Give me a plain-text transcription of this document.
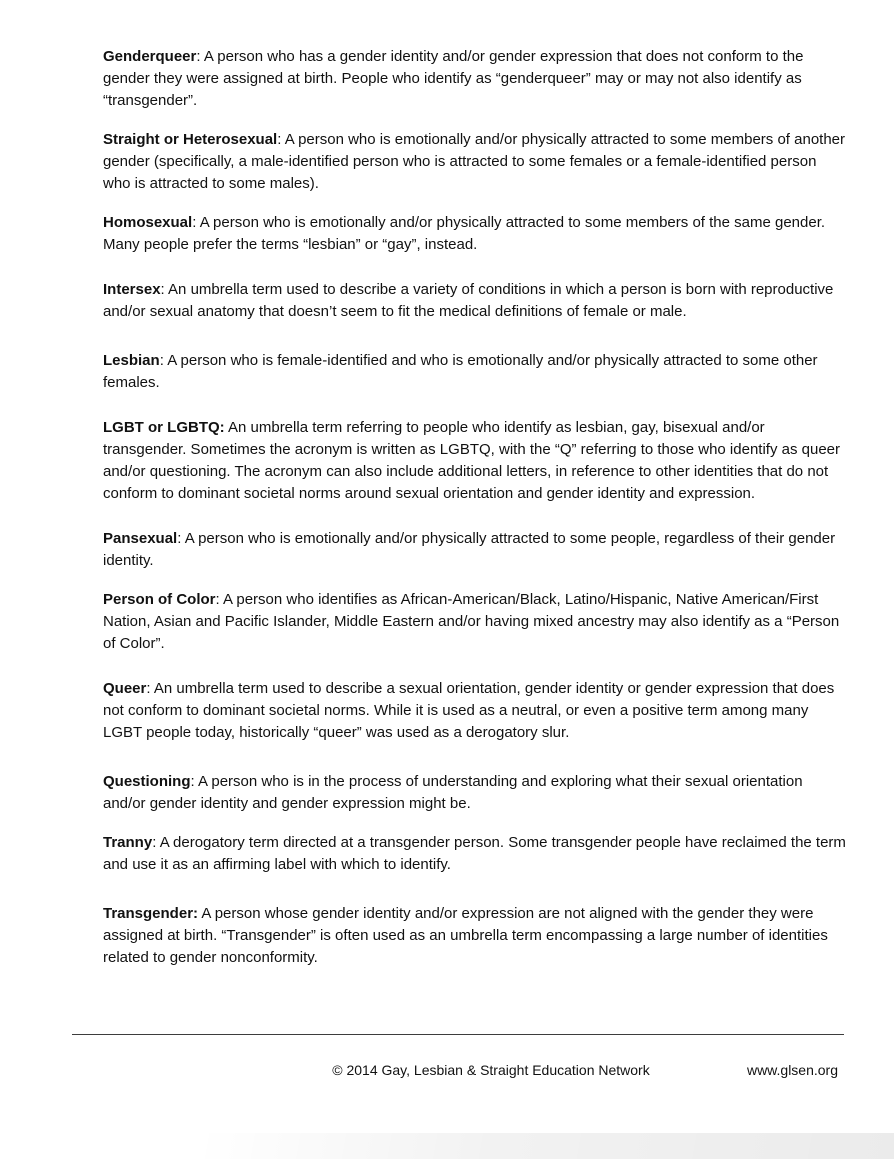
Genderqueer: A person who has a gender identity and/or gender expression that does not conform to the gender they were assigned at birth. People who identify as “genderqueer” may or may not also identify as “transgender”.

Straight or Heterosexual: A person who is emotionally and/or physically attracted to some members of another gender (specifically, a male-identified person who is attracted to some females or a female-identified person who is attracted to some males).

Homosexual: A person who is emotionally and/or physically attracted to some members of the same gender. Many people prefer the terms “lesbian” or “gay”, instead.

Intersex: An umbrella term used to describe a variety of conditions in which a person is born with reproductive and/or sexual anatomy that doesn’t seem to fit the medical definitions of female or male.

Lesbian: A person who is female-identified and who is emotionally and/or physically attracted to some other females.

LGBT or LGBTQ: An umbrella term referring to people who identify as lesbian, gay, bisexual and/or transgender. Sometimes the acronym is written as LGBTQ, with the “Q” referring to those who identify as queer and/or questioning. The acronym can also include additional letters, in reference to other identities that do not conform to dominant societal norms around sexual orientation and gender identity and expression.

Pansexual: A person who is emotionally and/or physically attracted to some people, regardless of their gender identity.

Person of Color: A person who identifies as African-American/Black, Latino/Hispanic, Native American/First Nation, Asian and Pacific Islander, Middle Eastern and/or having mixed ancestry may also identify as a “Person of Color”.

Queer: An umbrella term used to describe a sexual orientation, gender identity or gender expression that does not conform to dominant societal norms. While it is used as a neutral, or even a positive term among many LGBT people today, historically “queer” was used as a derogatory slur.

Questioning: A person who is in the process of understanding and exploring what their sexual orientation and/or gender identity and gender expression might be.

Tranny: A derogatory term directed at a transgender person. Some transgender people have reclaimed the term and use it as an affirming label with which to identify.

Transgender: A person whose gender identity and/or expression are not aligned with the gender they were assigned at birth. “Transgender” is often used as an umbrella term encompassing a large number of identities related to gender nonconformity.

© 2014 Gay, Lesbian & Straight Education Network	www.glsen.org
